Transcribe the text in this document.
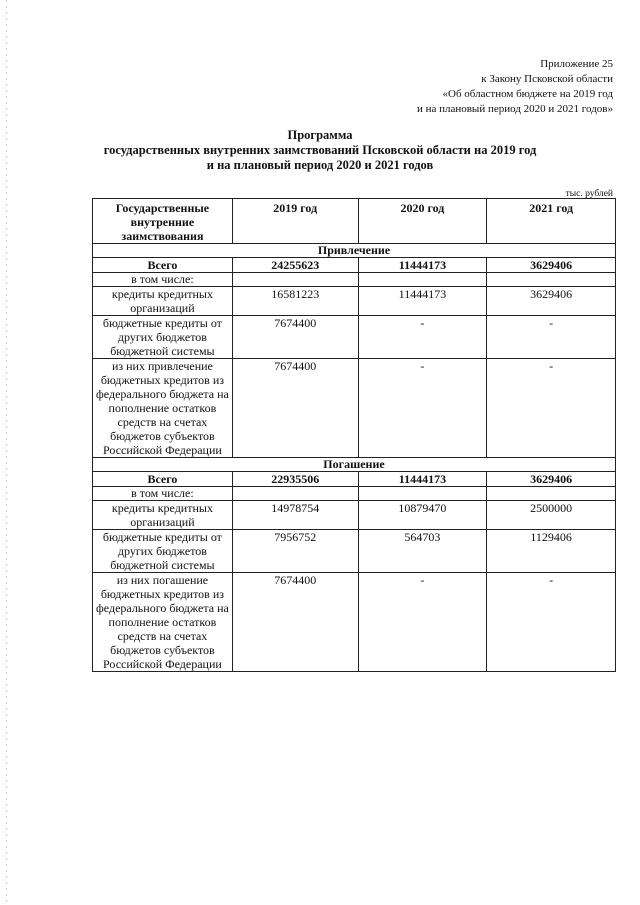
Приложение 25
к Закону Псковской области
«Об областном бюджете на 2019 год
и на плановый период 2020 и 2021 годов»
Программа
государственных внутренних заимствований Псковской области на 2019 год
и на плановый период 2020 и 2021 годов
тыс. рублей
Государственные внутренние заимствования	2019 год	2020 год	2021 год
Привлечение			
Всего	24255623	11444173	3629406
в том числе:			
кредиты кредитных организаций	16581223	11444173	3629406
бюджетные кредиты от других бюджетов бюджетной системы	7674400	-	-
из них привлечение бюджетных кредитов из федерального бюджета на пополнение остатков средств на счетах бюджетов субъектов Российской Федерации	7674400	-	-
Погашение			
Всего	22935506	11444173	3629406
в том числе:			
кредиты кредитных организаций	14978754	10879470	2500000
бюджетные кредиты от других бюджетов бюджетной системы	7956752	564703	1129406
из них погашение бюджетных кредитов из федерального бюджета на пополнение остатков средств на счетах бюджетов субъектов Российской Федерации	7674400	-	-
